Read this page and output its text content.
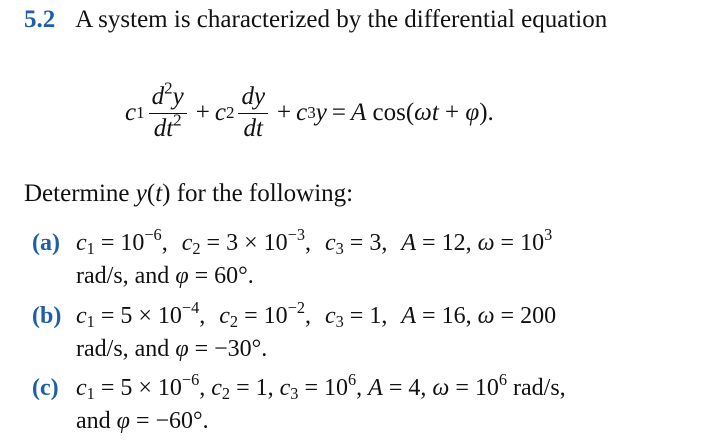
5.2 A system is characterized by the differential equation
c $1 \frac{d^2y}{dt^2} + c$ $2 \frac{dy}{dt} + c$ 3 y = A cos( ωt + φ ).
Determine y(t) for the following:
(a) $c_1 = 10^{-6}$, $c_2 = 3 \times 10^{-3}$, $c_3 = 3$, A = 12, $\omega = 10^3$
rad/s, and φ = 60°.
(b) $c_1 = 5 \times 10^{-4}$, $c_2 = 10^{-2}$, $c_3 = 1$, A = 16, ω = 200
rad/s, and φ = −30°.
(c) $c_1 = 5 \times 10^{-6}$, $c_2 = 1$, $c_3 = 10^6$, A = 4, $\omega = 10^6$ rad/s,
and φ = −60°.
